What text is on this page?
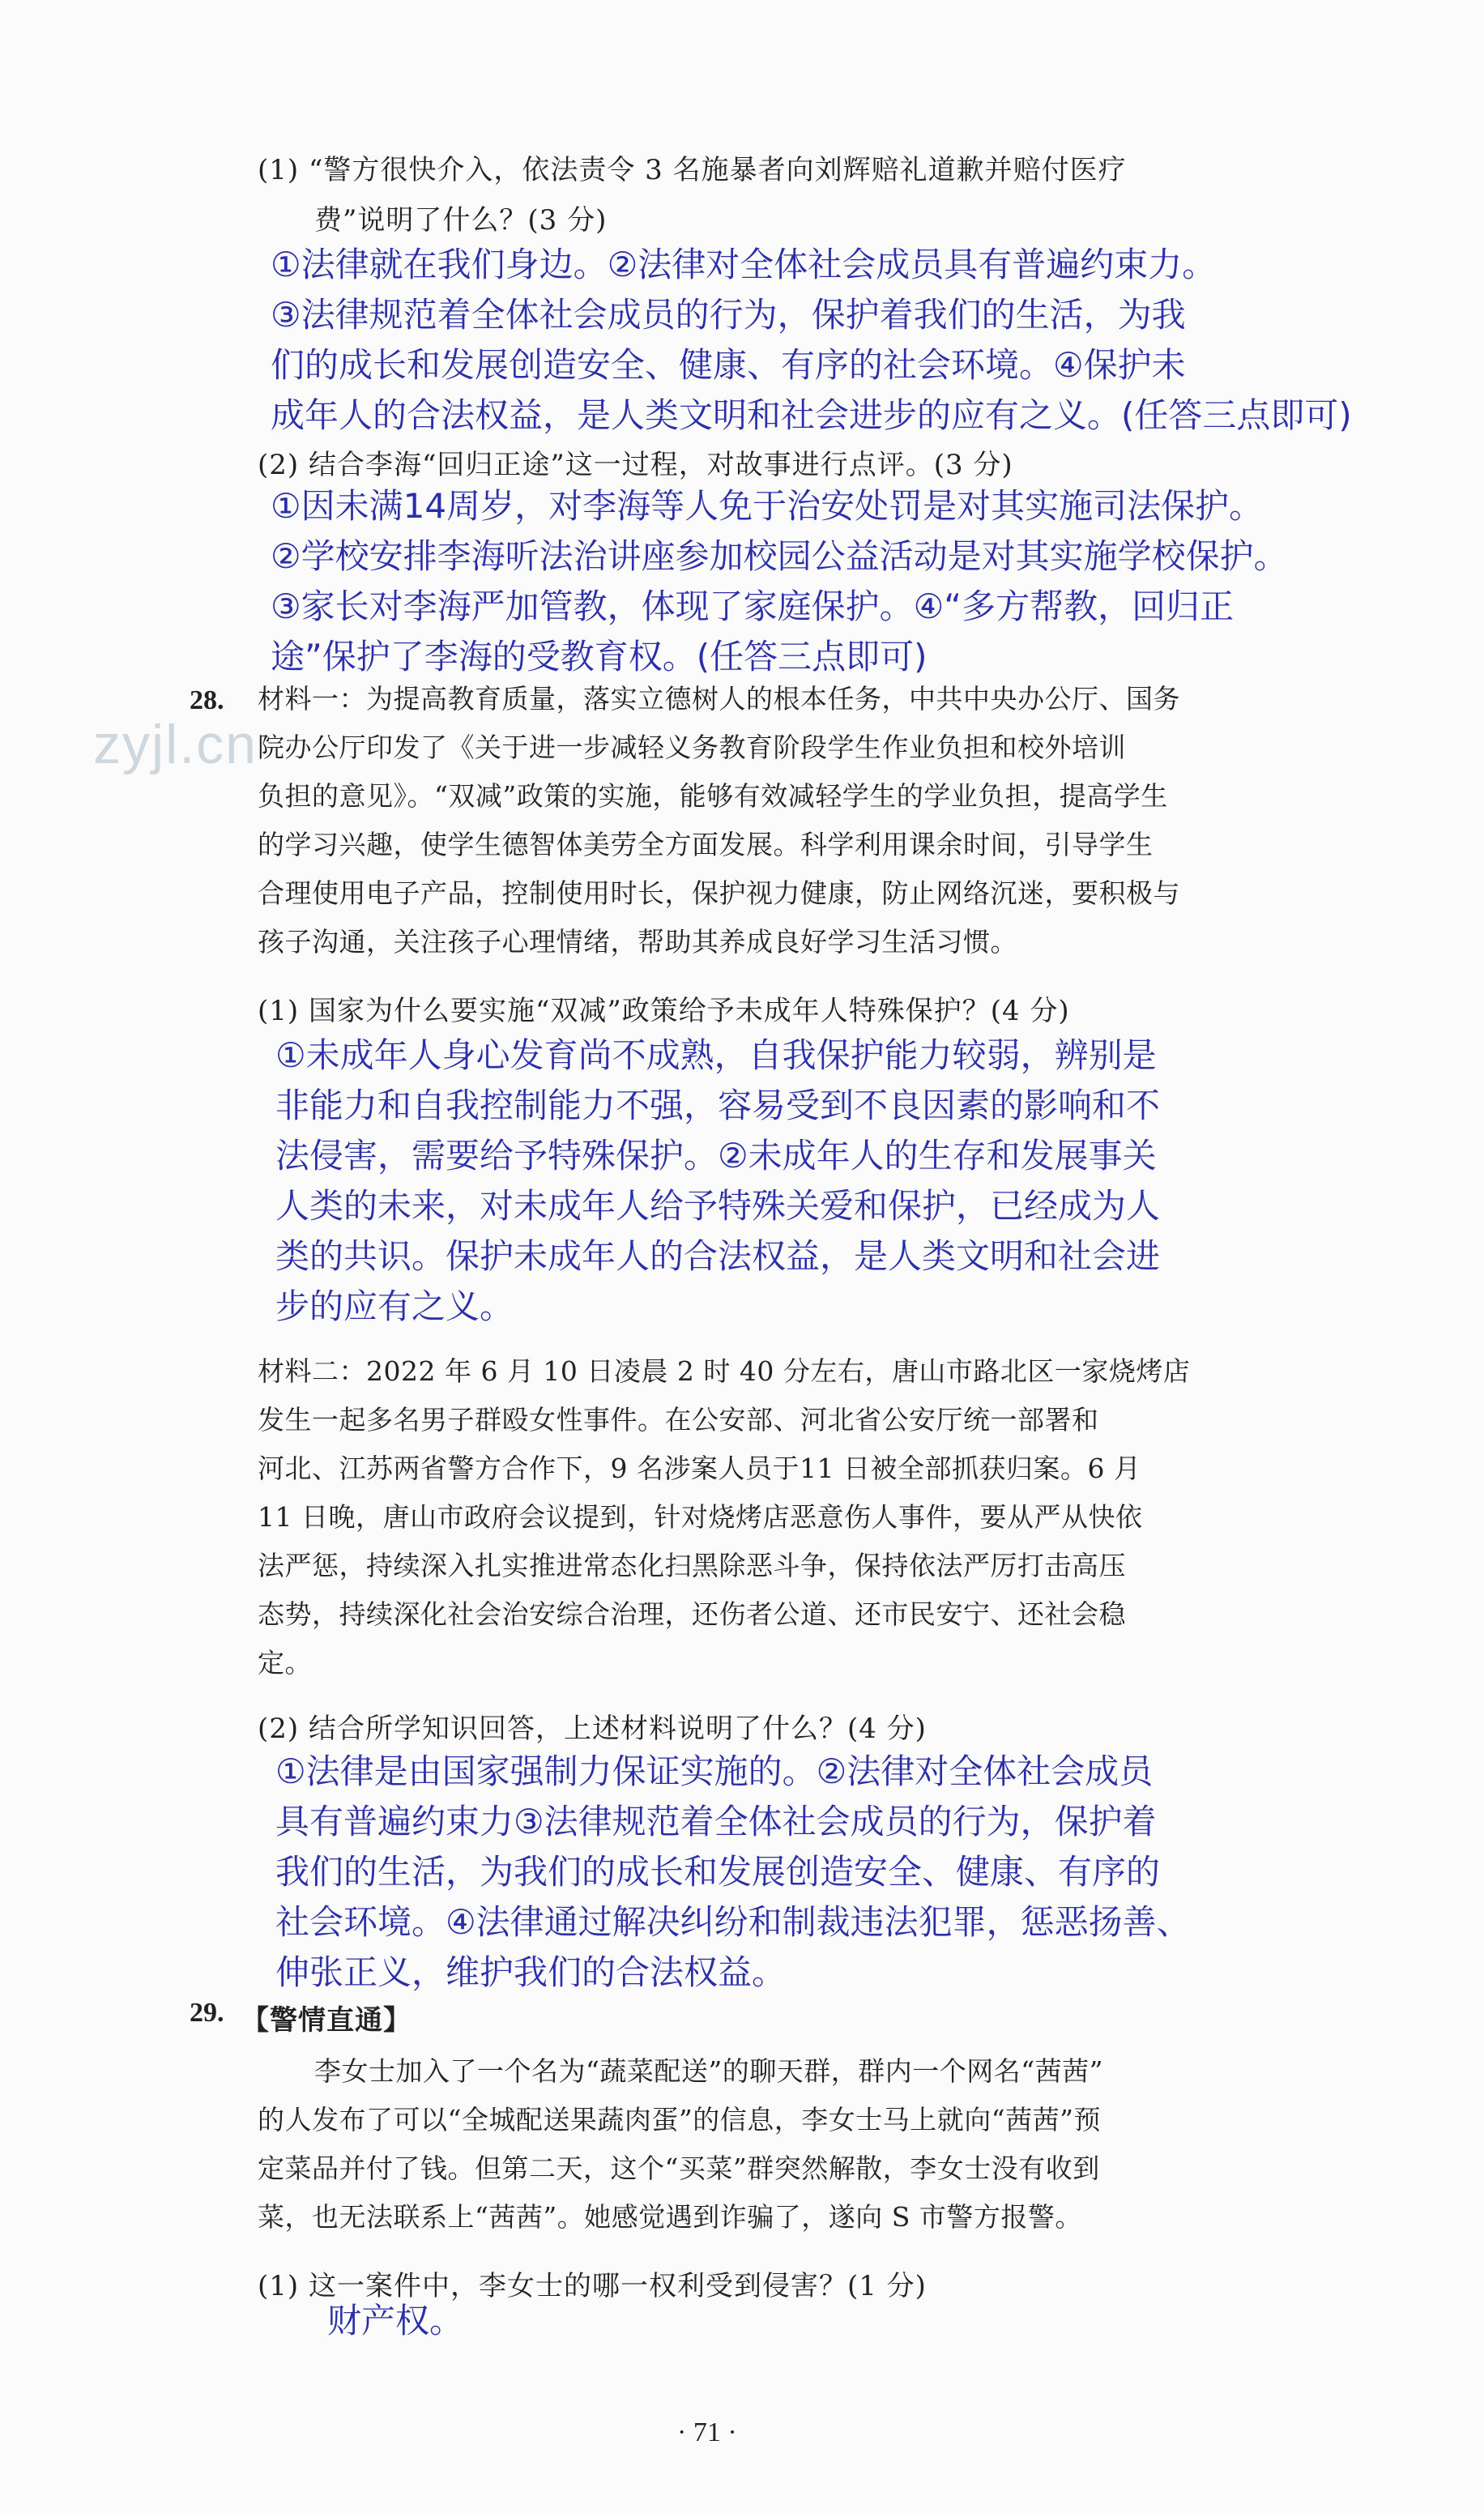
zyjl.cn
(1) “警方很快介入，依法责令 3 名施暴者向刘辉赔礼道歉并赔付医疗
费”说明了什么？(3 分)
①法律就在我们身边。②法律对全体社会成员具有普遍约束力。
③法律规范着全体社会成员的行为，保护着我们的生活，为我
们的成长和发展创造安全、健康、有序的社会环境。④保护未
成年人的合法权益，是人类文明和社会进步的应有之义。(任答三点即可)
(2) 结合李海“回归正途”这一过程，对故事进行点评。(3 分)
①因未满14周岁，对李海等人免于治安处罚是对其实施司法保护。
②学校安排李海听法治讲座参加校园公益活动是对其实施学校保护。
③家长对李海严加管教，体现了家庭保护。④“多方帮教，回归正
途”保护了李海的受教育权。(任答三点即可)
28. 材料一：为提高教育质量，落实立德树人的根本任务，中共中央办公厅、国务
院办公厅印发了《关于进一步减轻义务教育阶段学生作业负担和校外培训
负担的意见》。“双减”政策的实施，能够有效减轻学生的学业负担，提高学生
的学习兴趣，使学生德智体美劳全方面发展。科学利用课余时间，引导学生
合理使用电子产品，控制使用时长，保护视力健康，防止网络沉迷，要积极与
孩子沟通，关注孩子心理情绪，帮助其养成良好学习生活习惯。
(1) 国家为什么要实施“双减”政策给予未成年人特殊保护？(4 分)
①未成年人身心发育尚不成熟，自我保护能力较弱，辨别是
非能力和自我控制能力不强，容易受到不良因素的影响和不
法侵害，需要给予特殊保护。②未成年人的生存和发展事关
人类的未来，对未成年人给予特殊关爱和保护，已经成为人
类的共识。保护未成年人的合法权益，是人类文明和社会进
步的应有之义。
材料二：2022 年 6 月 10 日凌晨 2 时 40 分左右，唐山市路北区一家烧烤店
发生一起多名男子群殴女性事件。在公安部、河北省公安厅统一部署和
河北、江苏两省警方合作下，9 名涉案人员于11 日被全部抓获归案。6 月
11 日晚，唐山市政府会议提到，针对烧烤店恶意伤人事件，要从严从快依
法严惩，持续深入扎实推进常态化扫黑除恶斗争，保持依法严厉打击高压
态势，持续深化社会治安综合治理，还伤者公道、还市民安宁、还社会稳
定。
(2) 结合所学知识回答，上述材料说明了什么？(4 分)
①法律是由国家强制力保证实施的。②法律对全体社会成员
具有普遍约束力③法律规范着全体社会成员的行为，保护着
我们的生活，为我们的成长和发展创造安全、健康、有序的
社会环境。④法律通过解决纠纷和制裁违法犯罪，惩恶扬善、
伸张正义，维护我们的合法权益。
29. 【警情直通】
李女士加入了一个名为“蔬菜配送”的聊天群，群内一个网名“茜茜”
的人发布了可以“全城配送果蔬肉蛋”的信息，李女士马上就向“茜茜”预
定菜品并付了钱。但第二天，这个“买菜”群突然解散，李女士没有收到
菜，也无法联系上“茜茜”。她感觉遇到诈骗了，遂向 S 市警方报警。
(1) 这一案件中，李女士的哪一权利受到侵害？(1 分)
财产权。
· 71 ·
